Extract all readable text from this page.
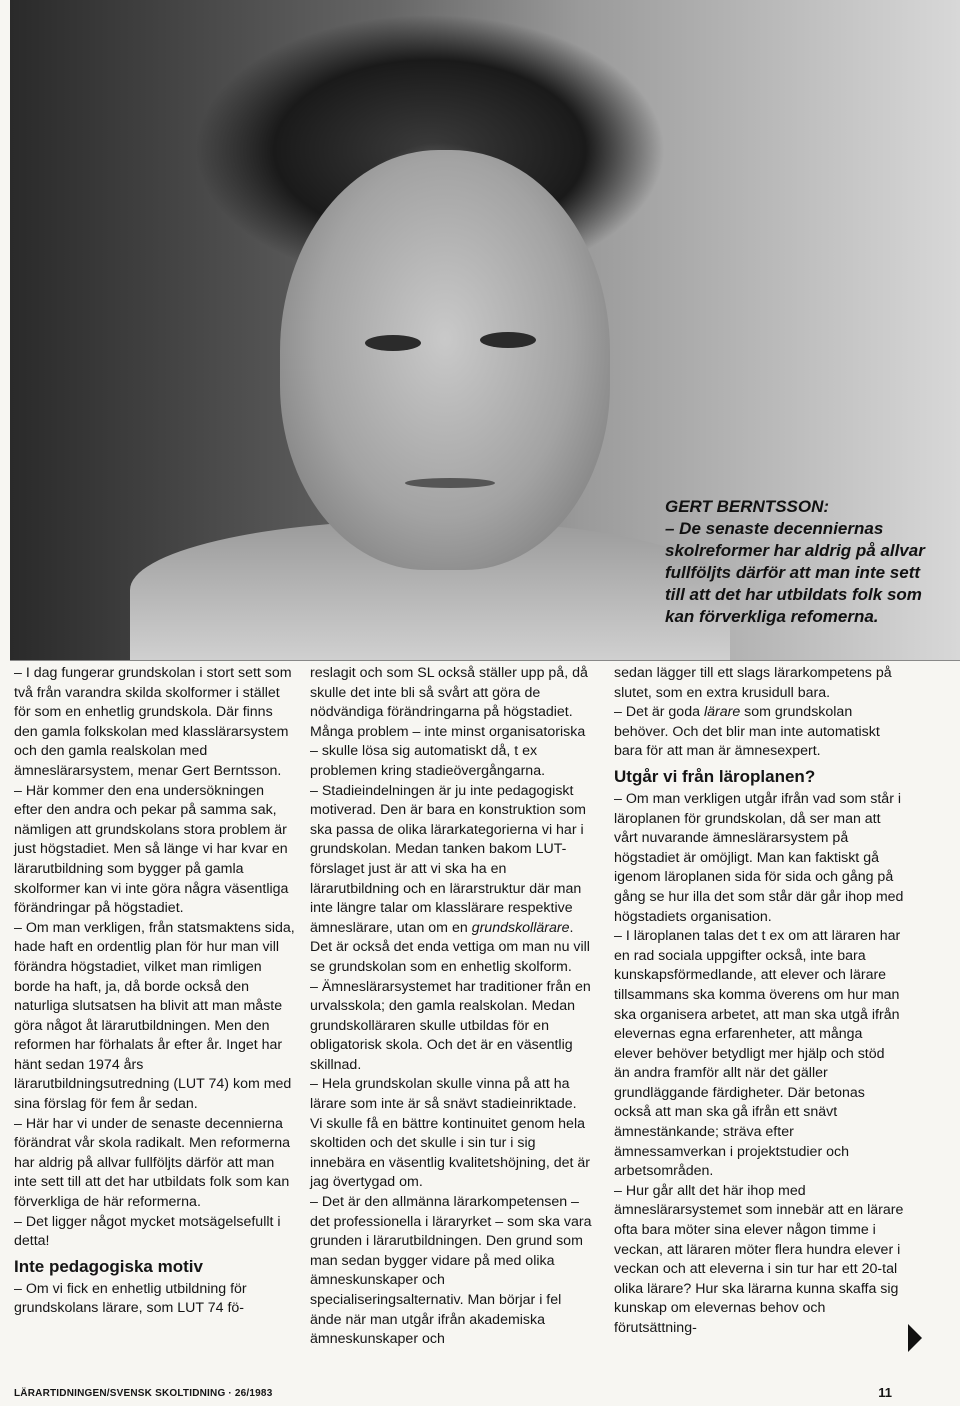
GERT BERNTSSON:
– De senaste decenniernas skolreformer har aldrig på allvar fullföljts därför att man inte sett till att det har utbildats folk som kan förverkliga refomerna.

– I dag fungerar grundskolan i stort sett som två från varandra skilda skolformer i stället för som en enhetlig grundskola. Där finns den gamla folkskolan med klasslärarsystem och den gamla realskolan med ämneslärarsystem, menar Gert Berntsson.

– Här kommer den ena undersökningen efter den andra och pekar på samma sak, nämligen att grundskolans stora problem är just högstadiet. Men så länge vi har kvar en lärarutbildning som bygger på gamla skolformer kan vi inte göra några väsentliga förändringar på högstadiet.

– Om man verkligen, från statsmaktens sida, hade haft en ordentlig plan för hur man vill förändra högstadiet, vilket man rimligen borde ha haft, ja, då borde också den naturliga slutsatsen ha blivit att man måste göra något åt lärarutbildningen. Men den reformen har förhalats år efter år. Inget har hänt sedan 1974 års lärarutbildningsutredning (LUT 74) kom med sina förslag för fem år sedan.

– Här har vi under de senaste decennierna förändrat vår skola radikalt. Men reformerna har aldrig på allvar fullföljts därför att man inte sett till att det har utbildats folk som kan förverkliga de här reformerna.

– Det ligger något mycket motsägelsefullt i detta!

Inte pedagogiska motiv

– Om vi fick en enhetlig utbildning för grundskolans lärare, som LUT 74 fö-

reslagit och som SL också ställer upp på, då skulle det inte bli så svårt att göra de nödvändiga förändringarna på högstadiet.

Många problem – inte minst organisatoriska – skulle lösa sig automatiskt då, t ex problemen kring stadieövergångarna.

– Stadieindelningen är ju inte pedagogiskt motiverad. Den är bara en konstruktion som ska passa de olika lärarkategorierna vi har i grundskolan. Medan tanken bakom LUT-förslaget just är att vi ska ha en lärarutbildning och en lärarstruktur där man inte längre talar om klasslärare respektive ämneslärare, utan om en grundskollärare. Det är också det enda vettiga om man nu vill se grundskolan som en enhetlig skolform.

– Ämneslärarsystemet har traditioner från en urvalsskola; den gamla realskolan. Medan grundskolläraren skulle utbildas för en obligatorisk skola. Och det är en väsentlig skillnad.

– Hela grundskolan skulle vinna på att ha lärare som inte är så snävt stadieinriktade. Vi skulle få en bättre kontinuitet genom hela skoltiden och det skulle i sin tur i sig innebära en väsentlig kvalitetshöjning, det är jag övertygad om.

– Det är den allmänna lärarkompetensen – det professionella i läraryrket – som ska vara grunden i lärarutbildningen. Den grund som man sedan bygger vidare på med olika ämneskunskaper och specialiseringsalternativ. Man börjar i fel ände när man utgår ifrån akademiska ämneskunskaper och

sedan lägger till ett slags lärarkompetens på slutet, som en extra krusidull bara.

– Det är goda lärare som grundskolan behöver. Och det blir man inte automatiskt bara för att man är ämnesexpert.

Utgår vi från läroplanen?

– Om man verkligen utgår ifrån vad som står i läroplanen för grundskolan, då ser man att vårt nuvarande ämneslärarsystem på högstadiet är omöjligt. Man kan faktiskt gå igenom läroplanen sida för sida och gång på gång se hur illa det som står där går ihop med högstadiets organisation.

– I läroplanen talas det t ex om att läraren har en rad sociala uppgifter också, inte bara kunskapsförmedlande, att elever och lärare tillsammans ska komma överens om hur man ska organisera arbetet, att man ska utgå ifrån elevernas egna erfarenheter, att många elever behöver betydligt mer hjälp och stöd än andra framför allt när det gäller grundläggande färdigheter. Där betonas också att man ska gå ifrån ett snävt ämnestänkande; sträva efter ämnessamverkan i projektstudier och arbetsområden.

– Hur går allt det här ihop med ämneslärarsystemet som innebär att en lärare ofta bara möter sina elever någon timme i veckan, att läraren möter flera hundra elever i veckan och att eleverna i sin tur har ett 20-tal olika lärare? Hur ska lärarna kunna skaffa sig kunskap om elevernas behov och förutsättning-

LÄRARTIDNINGEN/SVENSK SKOLTIDNING · 26/1983	11
